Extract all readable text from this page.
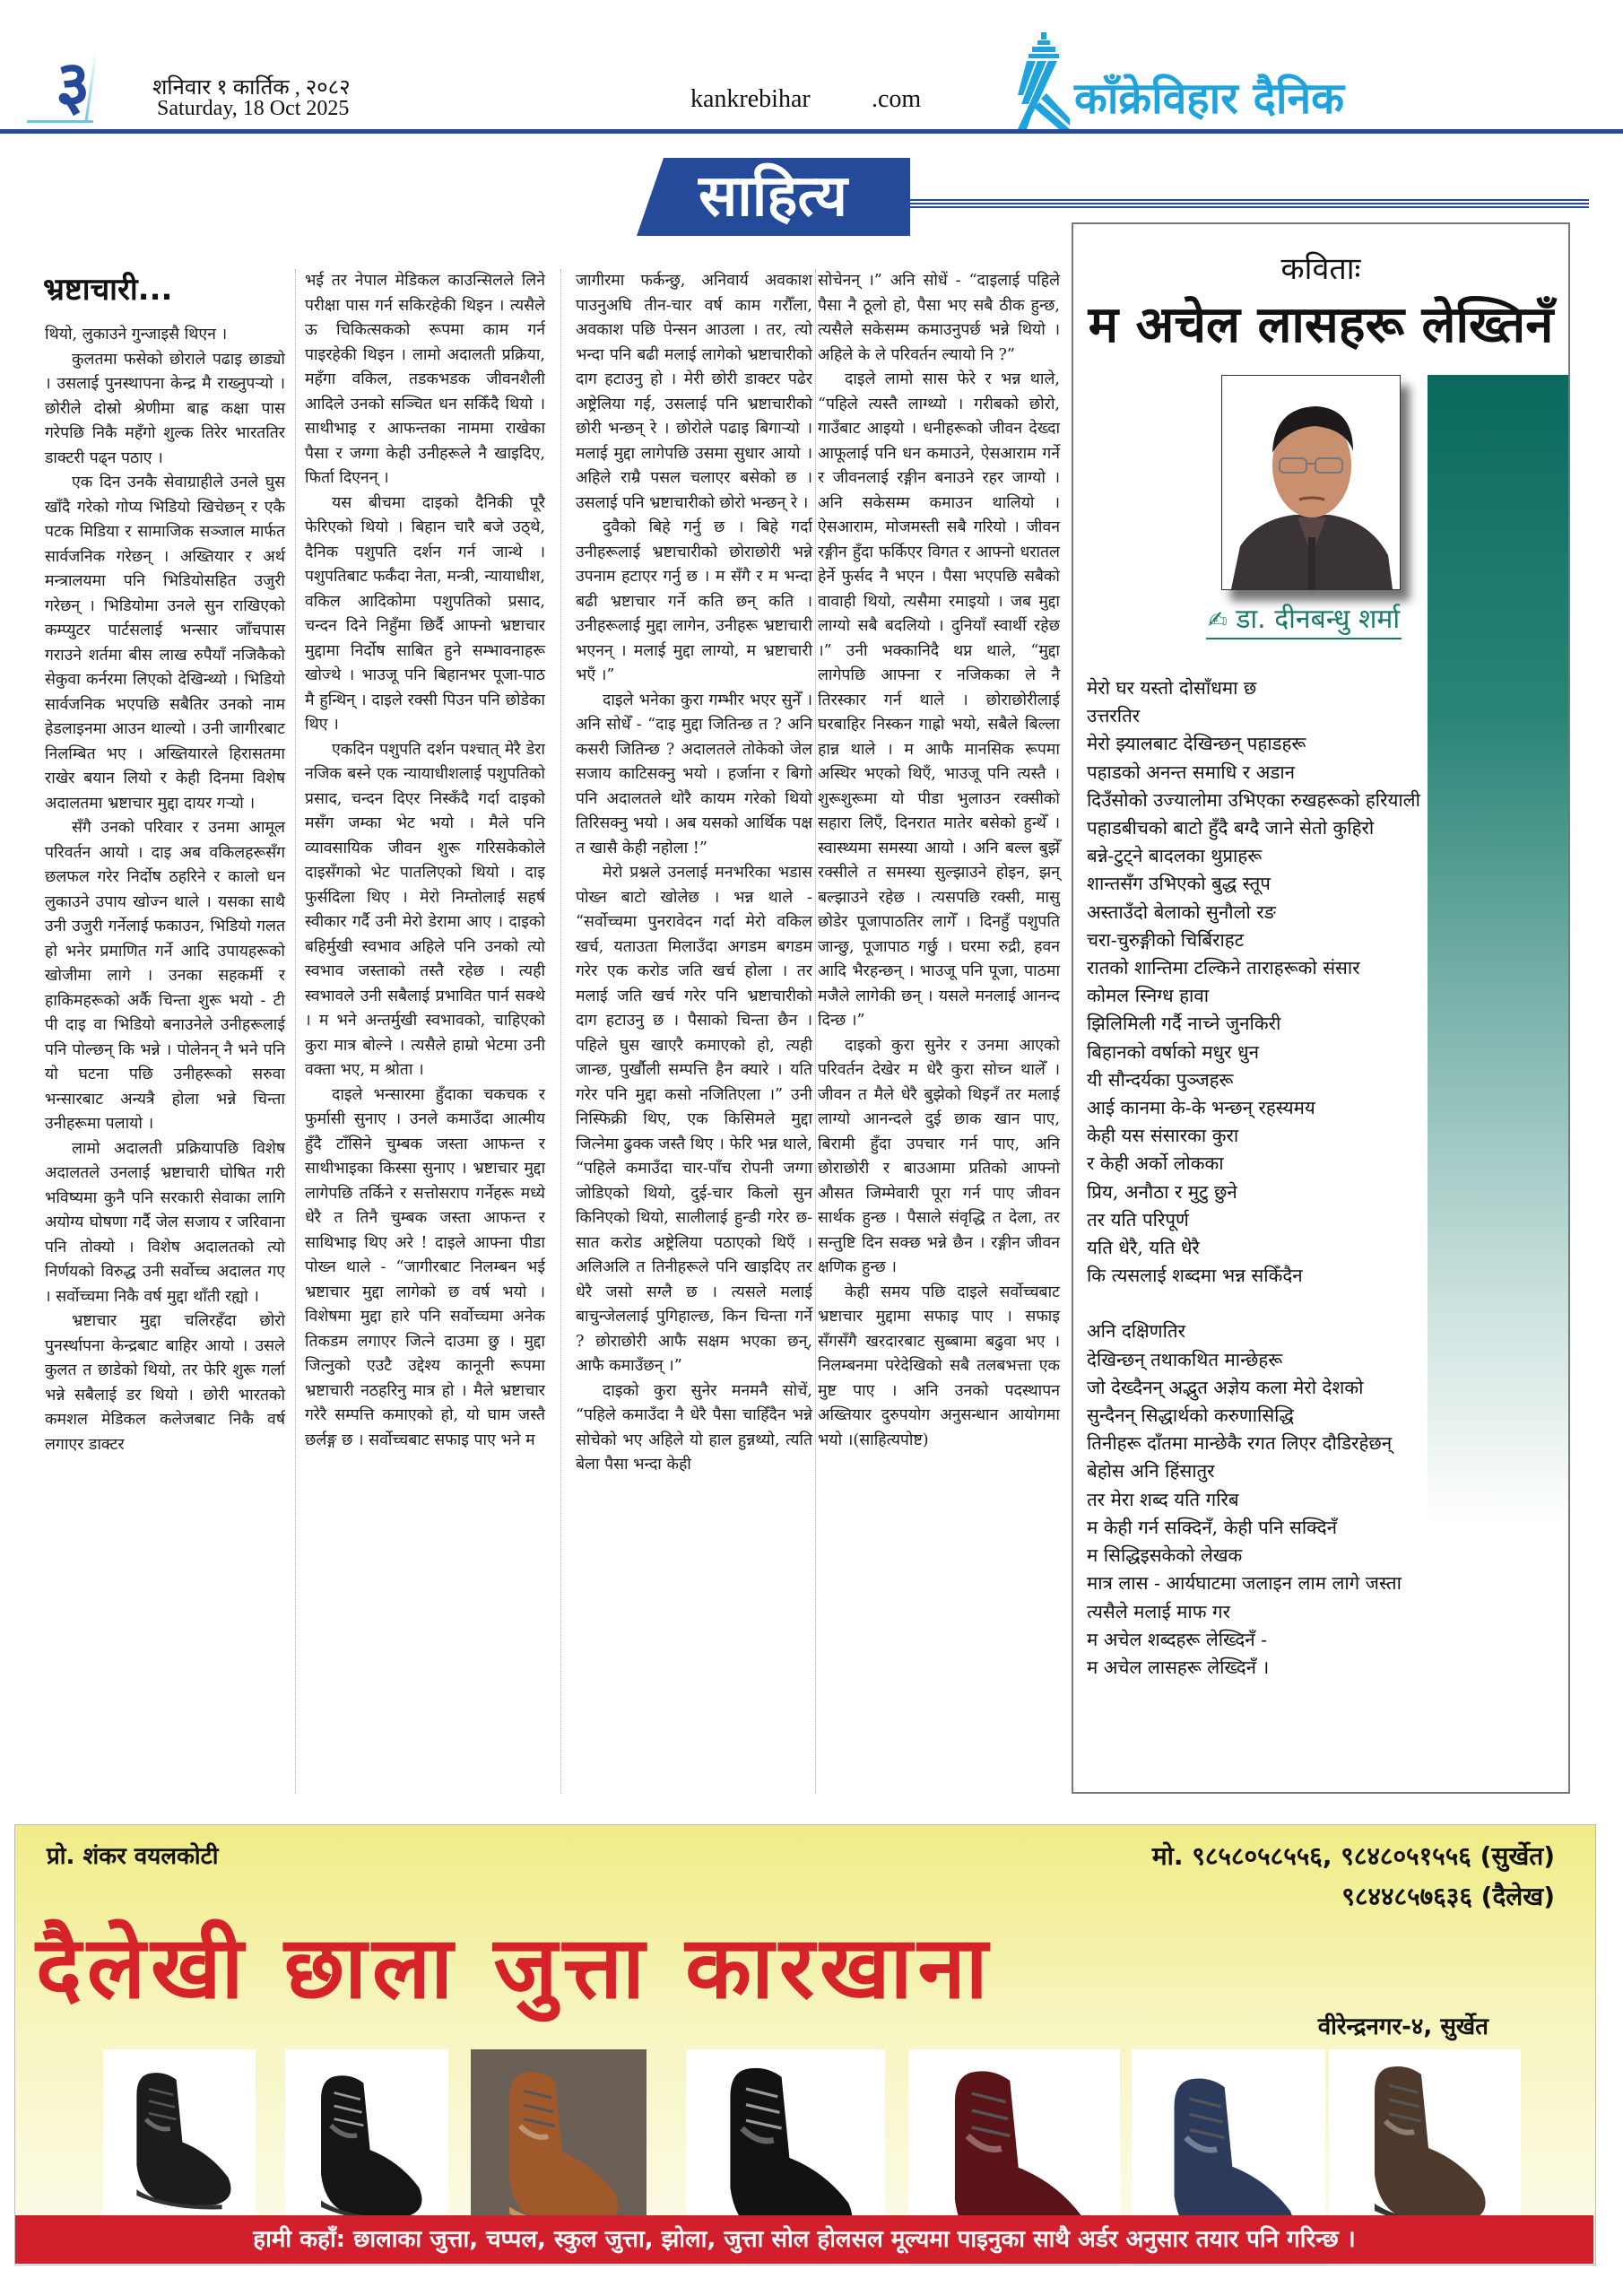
३	शनिवार १ कार्तिक , २०८२
Saturday, 18 Oct 2025	kankrebihar .com	काँक्रेविहार दैनिक
साहित्य
भ्रष्टाचारी...

थियो, लुकाउने गुन्जाइसै थिएन ।

कुलतमा फसेको छोराले पढाइ छाड्यो । उसलाई पुनस्थापना केन्द्र मै राख्नुपऱ्यो । छोरीले दोस्रो श्रेणीमा बाह्र कक्षा पास गरेपछि निकै महँगो शुल्क तिरेर भारततिर डाक्टरी पढ्न पठाए ।

एक दिन उनकै सेवाग्राहीले उनले घुस खाँदै गरेको गोप्य भिडियो खिचेछन् र एकै पटक मिडिया र सामाजिक सञ्जाल मार्फत सार्वजनिक गरेछन् । अख्तियार र अर्थ मन्त्रालयमा पनि भिडियोसहित उजुरी गरेछन् । भिडियोमा उनले सुन राखिएको कम्प्युटर पार्टसलाई भन्सार जाँचपास गराउने शर्तमा बीस लाख रुपैयाँ नजिकैको सेकुवा कर्नरमा लिएको देखिन्थ्यो । भिडियो सार्वजनिक भएपछि सबैतिर उनको नाम हेडलाइनमा आउन थाल्यो । उनी जागीरबाट निलम्बित भए । अख्तियारले हिरासतमा राखेर बयान लियो र केही दिनमा विशेष अदालतमा भ्रष्टाचार मुद्दा दायर गऱ्यो ।

सँगै उनको परिवार र उनमा आमूल परिवर्तन आयो । दाइ अब वकिलहरूसँग छलफल गरेर निर्दोष ठहरिने र कालो धन लुकाउने उपाय खोज्न थाले । यसका साथै उनी उजुरी गर्नेलाई फकाउन, भिडियो गलत हो भनेर प्रमाणित गर्ने आदि उपायहरूको खोजीमा लागे । उनका सहकर्मी र हाकिमहरूको अर्कै चिन्ता शुरू भयो - टी पी दाइ वा भिडियो बनाउनेले उनीहरूलाई पनि पोल्छन् कि भन्ने । पोलेनन् नै भने पनि यो घटना पछि उनीहरूको सरुवा भन्सारबाट अन्यत्रै होला भन्ने चिन्ता उनीहरूमा पलायो ।

लामो अदालती प्रक्रियापछि विशेष अदालतले उनलाई भ्रष्टाचारी घोषित गरी भविष्यमा कुनै पनि सरकारी सेवाका लागि अयोग्य घोषणा गर्दै जेल सजाय र जरिवाना पनि तोक्यो । विशेष अदालतको त्यो निर्णयको विरुद्ध उनी सर्वोच्च अदालत गए । सर्वोच्चमा निकै वर्ष मुद्दा थाँती रह्यो ।

भ्रष्टाचार मुद्दा चलिरहँदा छोरो पुनर्स्थापना केन्द्रबाट बाहिर आयो । उसले कुलत त छाडेको थियो, तर फेरि शुरू गर्ला भन्ने सबैलाई डर थियो । छोरी भारतको कमशल मेडिकल कलेजबाट निकै वर्ष लगाएर डाक्टर

भई तर नेपाल मेडिकल काउन्सिलले लिने परीक्षा पास गर्न सकिरहेकी थिइन । त्यसैले ऊ चिकित्सकको रूपमा काम गर्न पाइरहेकी थिइन । लामो अदालती प्रक्रिया, महँगा वकिल, तडकभडक जीवनशैली आदिले उनको सञ्चित धन सकिँदै थियो । साथीभाइ र आफन्तका नाममा राखेका पैसा र जग्गा केही उनीहरूले नै खाइदिए, फिर्ता दिएनन् ।

यस बीचमा दाइको दैनिकी पूरै फेरिएको थियो । बिहान चारै बजे उठ्थे, दैनिक पशुपति दर्शन गर्न जान्थे । पशुपतिबाट फर्कँदा नेता, मन्त्री, न्यायाधीश, वकिल आदिकोमा पशुपतिको प्रसाद, चन्दन दिने निहुँमा छिर्दै आफ्नो भ्रष्टाचार मुद्दामा निर्दोष साबित हुने सम्भावनाहरू खोज्थे । भाउजू पनि बिहानभर पूजा-पाठ मै हुन्थिन् । दाइले रक्सी पिउन पनि छोडेका थिए ।

एकदिन पशुपति दर्शन पश्चात् मेरै डेरा नजिक बस्ने एक न्यायाधीशलाई पशुपतिको प्रसाद, चन्दन दिएर निस्कँदै गर्दा दाइको मसँग जम्का भेट भयो । मैले पनि व्यावसायिक जीवन शुरू गरिसकेकोले दाइसँगको भेट पातलिएको थियो । दाइ फुर्सदिला थिए । मेरो निम्तोलाई सहर्ष स्वीकार गर्दै उनी मेरो डेरामा आए । दाइको बहिर्मुखी स्वभाव अहिले पनि उनको त्यो स्वभाव जस्ताको तस्तै रहेछ । त्यही स्वभावले उनी सबैलाई प्रभावित पार्न सक्थे । म भने अन्तर्मुखी स्वभावको, चाहिएको कुरा मात्र बोल्ने । त्यसैले हाम्रो भेटमा उनी वक्ता भए, म श्रोता ।

दाइले भन्सारमा हुँदाका चकचक र फुर्मासी सुनाए । उनले कमाउँदा आत्मीय हुँदै टाँसिने चुम्बक जस्ता आफन्त र साथीभाइका किस्सा सुनाए । भ्रष्टाचार मुद्दा लागेपछि तर्किने र सत्तोसराप गर्नेहरू मध्ये धेरै त तिनै चुम्बक जस्ता आफन्त र साथिभाइ थिए अरे ! दाइले आफ्ना पीडा पोख्न थाले - “जागीरबाट निलम्बन भई भ्रष्टाचार मुद्दा लागेको छ वर्ष भयो । विशेषमा मुद्दा हारे पनि सर्वोच्चमा अनेक तिकडम लगाएर जित्ने दाउमा छु । मुद्दा जित्नुको एउटै उद्देश्य कानूनी रूपमा भ्रष्टाचारी नठहरिनु मात्र हो । मैले भ्रष्टाचार गरेरै सम्पत्ति कमाएको हो, यो घाम जस्तै छर्लङ्ग छ । सर्वोच्चबाट सफाइ पाए भने म

जागीरमा फर्कन्छु, अनिवार्य अवकाश पाउनुअघि तीन-चार वर्ष काम गरौँला, अवकाश पछि पेन्सन आउला । तर, त्यो भन्दा पनि बढी मलाई लागेको भ्रष्टाचारीको दाग हटाउनु हो । मेरी छोरी डाक्टर पढेर अष्ट्रेलिया गई, उसलाई पनि भ्रष्टाचारीको छोरी भन्छन् रे । छोरोले पढाइ बिगाऱ्यो । मलाई मुद्दा लागेपछि उसमा सुधार आयो । अहिले राम्रै पसल चलाएर बसेको छ । उसलाई पनि भ्रष्टाचारीको छोरो भन्छन् रे ।

दुवैको बिहे गर्नु छ । बिहे गर्दा उनीहरूलाई भ्रष्टाचारीको छोराछोरी भन्ने उपनाम हटाएर गर्नु छ । म सँगै र म भन्दा बढी भ्रष्टाचार गर्ने कति छन् कति । उनीहरूलाई मुद्दा लागेन, उनीहरू भ्रष्टाचारी भएनन् । मलाई मुद्दा लाग्यो, म भ्रष्टाचारी भएँ ।”

दाइले भनेका कुरा गम्भीर भएर सुनेँ । अनि सोधेँ - “दाइ मुद्दा जितिन्छ त ? अनि कसरी जितिन्छ ? अदालतले तोकेको जेल सजाय काटिसक्नु भयो । हर्जाना र बिगो पनि अदालतले थोरै कायम गरेको थियो तिरिसक्नु भयो । अब यसको आर्थिक पक्ष त खासै केही नहोला !”

मेरो प्रश्नले उनलाई मनभरिका भडास पोख्न बाटो खोलेछ । भन्न थाले - “सर्वोच्चमा पुनरावेदन गर्दा मेरो वकिल खर्च, यताउता मिलाउँदा अगडम बगडम गरेर एक करोड जति खर्च होला । तर मलाई जति खर्च गरेर पनि भ्रष्टाचारीको दाग हटाउनु छ । पैसाको चिन्ता छैन । पहिले घुस खाएरै कमाएको हो, त्यही जान्छ, पुर्खौली सम्पत्ति हैन क्यारे । यति गरेर पनि मुद्दा कसो नजितिएला ।” उनी निस्फिक्री थिए, एक किसिमले मुद्दा जित्नेमा ढुक्क जस्तै थिए । फेरि भन्न थाले, “पहिले कमाउँदा चार-पाँच रोपनी जग्गा जोडिएको थियो, दुई-चार किलो सुन किनिएको थियो, सालीलाई हुन्डी गरेर छ-सात करोड अष्ट्रेलिया पठाएको थिएँ । अलिअलि त तिनीहरूले पनि खाइदिए तर धेरै जसो सग्लै छ । त्यसले मलाई बाचुन्जेललाई पुगिहाल्छ, किन चिन्ता गर्ने ? छोराछोरी आफै सक्षम भएका छन्, आफै कमाउँछन् ।”

दाइको कुरा सुनेर मनमनै सोचें, “पहिले कमाउँदा नै धेरै पैसा चाहिँदैन भन्ने सोचेको भए अहिले यो हाल हुन्नथ्यो, त्यति बेला पैसा भन्दा केही

सोचेनन् ।” अनि सोधें - “दाइलाई पहिले पैसा नै ठूलो हो, पैसा भए सबै ठीक हुन्छ, त्यसैले सकेसम्म कमाउनुपर्छ भन्ने थियो । अहिले के ले परिवर्तन ल्यायो नि ?”

दाइले लामो सास फेरे र भन्न थाले, “पहिले त्यस्तै लाग्थ्यो । गरीबको छोरो, गाउँबाट आइयो । धनीहरूको जीवन देख्दा आफूलाई पनि धन कमाउने, ऐसआराम गर्ने र जीवनलाई रङ्गीन बनाउने रहर जाग्यो । अनि सकेसम्म कमाउन थालियो । ऐसआराम, मोजमस्ती सबै गरियो । जीवन रङ्गीन हुँदा फर्किएर विगत र आफ्नो धरातल हेर्ने फुर्सद नै भएन । पैसा भएपछि सबैको वावाही थियो, त्यसैमा रमाइयो । जब मुद्दा लाग्यो सबै बदलियो । दुनियाँ स्वार्थी रहेछ ।” उनी भक्कानिदै थप्न थाले, “मुद्दा लागेपछि आफ्ना र नजिकका ले नै तिरस्कार गर्न थाले । छोराछोरीलाई घरबाहिर निस्कन गाह्रो भयो, सबैले बिल्ला हान्न थाले । म आफै मानसिक रूपमा अस्थिर भएको थिएँ, भाउजू पनि त्यस्तै । शुरूशुरूमा यो पीडा भुलाउन रक्सीको सहारा लिएँ, दिनरात मातेर बसेको हुन्थेँ । स्वास्थ्यमा समस्या आयो । अनि बल्ल बुझेँ रक्सीले त समस्या सुल्झाउने होइन, झन् बल्झाउने रहेछ । त्यसपछि रक्सी, मासु छोडेर पूजापाठतिर लागेँ । दिनहुँ पशुपति जान्छु, पूजापाठ गर्छु । घरमा रुद्री, हवन आदि भैरहन्छन् । भाउजू पनि पूजा, पाठमा मजैले लागेकी छन् । यसले मनलाई आनन्द दिन्छ ।”

दाइको कुरा सुनेर र उनमा आएको परिवर्तन देखेर म धेरै कुरा सोच्न थालेँ । जीवन त मैले धेरै बुझेको थिइनँ तर मलाई लाग्यो आनन्दले दुई छाक खान पाए, बिरामी हुँदा उपचार गर्न पाए, अनि छोराछोरी र बाउआमा प्रतिको आफ्नो औसत जिम्मेवारी पूरा गर्न पाए जीवन सार्थक हुन्छ । पैसाले संवृद्धि त देला, तर सन्तुष्टि दिन सक्छ भन्ने छैन । रङ्गीन जीवन क्षणिक हुन्छ ।

केही समय पछि दाइले सर्वोच्चबाट भ्रष्टाचार मुद्दामा सफाइ पाए । सफाइ सँगसँगै खरदारबाट सुब्बामा बढुवा भए । निलम्बनमा परेदेखिको सबै तलबभत्ता एक मुष्ट पाए । अनि उनको पदस्थापन अख्तियार दुरुपयोग अनुसन्धान आयोगमा भयो ।(साहित्यपोष्ट)

कविताः
म अचेल लासहरू लेख्तिनँ
✍ डा. दीनबन्धु शर्मा
मेरो घर यस्तो दोसाँधमा छ
उत्तरतिर
मेरो झ्यालबाट देखिन्छन् पहाडहरू
पहाडको अनन्त समाधि र अडान
दिउँसोको उज्यालोमा उभिएका रुखहरूको हरियाली
पहाडबीचको बाटो हुँदै बग्दै जाने सेतो कुहिरो
बन्ने-टुट्ने बादलका थुप्राहरू
शान्तसँग उभिएको बुद्ध स्तूप
अस्ताउँदो बेलाको सुनौलो रङ
चरा-चुरुङ्गीको चिर्बिराहट
रातको शान्तिमा टल्किने ताराहरूको संसार
कोमल स्निग्ध हावा
झिलिमिली गर्दै नाच्ने जुनकिरी
बिहानको वर्षाको मधुर धुन
यी सौन्दर्यका पुञ्जहरू
आई कानमा के-के भन्छन् रहस्यमय
केही यस संसारका कुरा
र केही अर्को लोकका
प्रिय, अनौठा र मुटु छुने
तर यति परिपूर्ण
यति धेरै, यति धेरै
कि त्यसलाई शब्दमा भन्न सकिँदैन
अनि दक्षिणतिर
देखिन्छन् तथाकथित मान्छेहरू
जो देख्दैनन् अद्भुत अज्ञेय कला मेरो देशको
सुन्दैनन् सिद्धार्थको करुणासिद्धि
तिनीहरू दाँतमा मान्छेकै रगत लिएर दौडिरहेछन्
बेहोस अनि हिंसातुर
तर मेरा शब्द यति गरिब
म केही गर्न सक्दिनँ, केही पनि सक्दिनँ
म सिद्धिइसकेको लेखक
मात्र लास - आर्यघाटमा जलाइन लाम लागे जस्ता
त्यसैले मलाई माफ गर
म अचेल शब्दहरू लेख्दिनँ -
म अचेल लासहरू लेख्दिनँ ।
प्रो. शंकर वयलकोटी	मो. ९८५८०५८५५६, ९८४८०५१५५६ (सुर्खेत)
९८४४८५७६३६ (दैलेख)
दैलेखी छाला जुत्ता कारखाना
वीरेन्द्रनगर-४, सुर्खेत
हामी कहाँ: छालाका जुत्ता, चप्पल, स्कुल जुत्ता, झोला, जुत्ता सोल होलसल मूल्यमा पाइनुका साथै अर्डर अनुसार तयार पनि गरिन्छ ।
